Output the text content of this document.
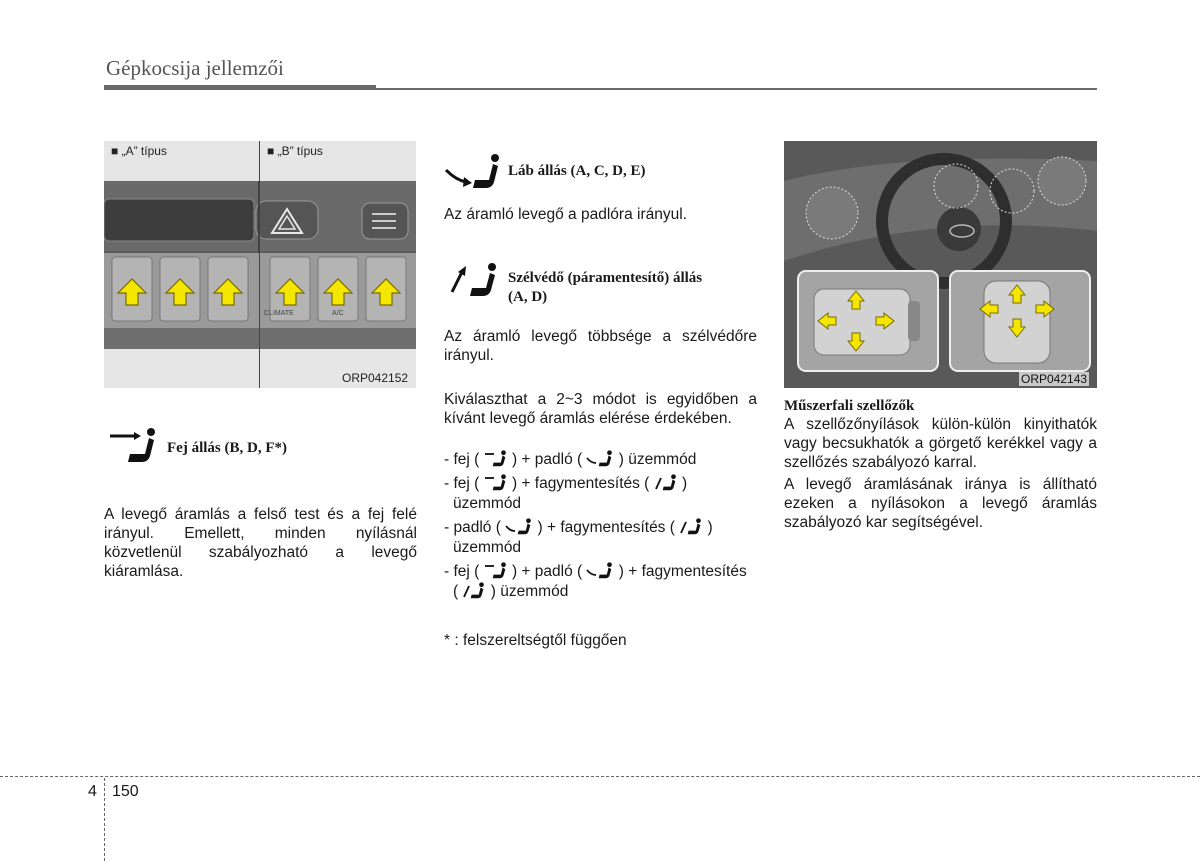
Gépkocsija jellemzői
■ „A” típus	■ „B” típus
CLIMATE	A/C
ORP042152
Fej állás (B, D, F*)
A levegő áramlás a felső test és a fej felé irányul. Emellett, minden nyílásnál közvetlenül szabályozható a levegő kiáramlása.
Láb állás (A, C, D, E)
Az áramló levegő a padlóra irányul.
Szélvédő (páramentesítő) állás
(A, D)
Az áramló levegő többsége a szélvédőre irányul.
Kiválaszthat a 2~3 módot is egyidőben a kívánt levegő áramlás elérése érdekében.
- fej ( ) + padló ( ) üzemmód
- fej ( ) + fagymentesítés ( )
üzemmód
- padló ( ) + fagymentesítés ( )
üzemmód
- fej ( ) + padló ( ) + fagymentesítés
( ) üzemmód
* : felszereltségtől függően
ORP042143
Műszerfali szellőzők
A szellőzőnyílások külön-külön kinyithatók vagy becsukhatók a görgető kerékkel vagy a szellőzés szabályozó karral.
A levegő áramlásának iránya is állítható ezeken a nyílásokon a levegő áramlás szabályozó kar segítségével.
4 150
